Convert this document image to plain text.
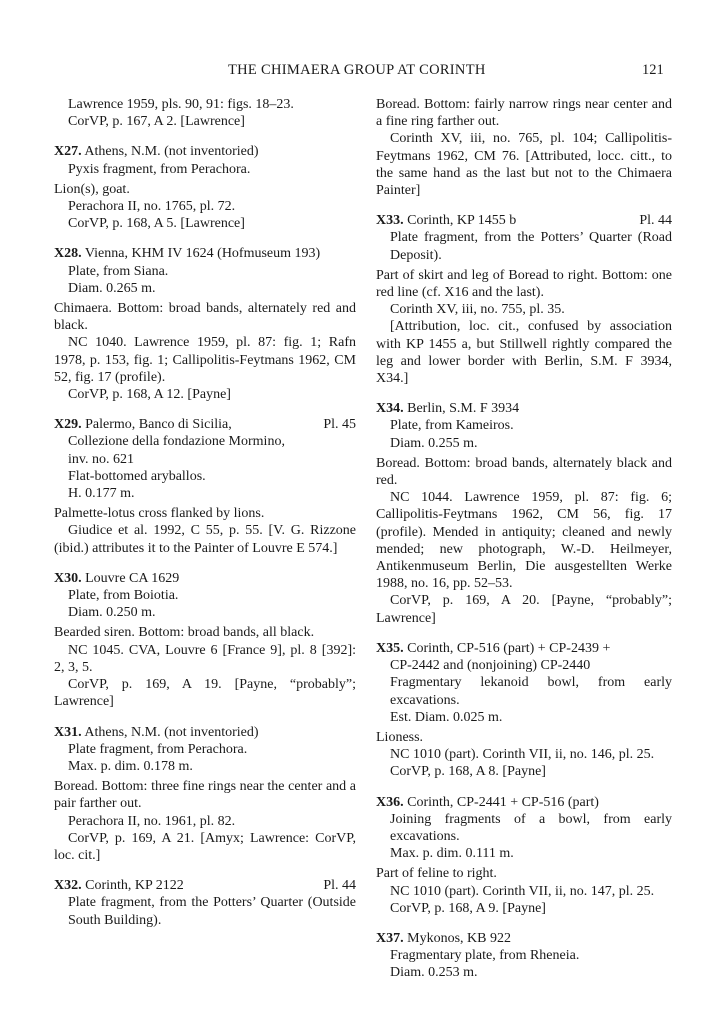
THE CHIMAERA GROUP AT CORINTH	121

Lawrence 1959, pls. 90, 91: figs. 18–23.

CorVP, p. 167, A 2. [Lawrence]

X27. Athens, N.M. (not inventoried)

Pyxis fragment, from Perachora.

Lion(s), goat.

Perachora II, no. 1765, pl. 72.

CorVP, p. 168, A 5. [Lawrence]

X28. Vienna, KHM IV 1624 (Hofmuseum 193)

Plate, from Siana.

Diam. 0.265 m.

Chimaera. Bottom: broad bands, alternately red and black.

NC 1040. Lawrence 1959, pl. 87: fig. 1; Rafn 1978, p. 153, fig. 1; Callipolitis-Feytmans 1962, CM 52, fig. 17 (profile).

CorVP, p. 168, A 12. [Payne]

X29. Palermo, Banco di Sicilia,	Pl. 45

Collezione della fondazione Mormino,

inv. no. 621

Flat-bottomed aryballos.

H. 0.177 m.

Palmette-lotus cross flanked by lions.

Giudice et al. 1992, C 55, p. 55. [V. G. Rizzone (ibid.) attributes it to the Painter of Louvre E 574.]

X30. Louvre CA 1629

Plate, from Boiotia.

Diam. 0.250 m.

Bearded siren. Bottom: broad bands, all black.

NC 1045. CVA, Louvre 6 [France 9], pl. 8 [392]: 2, 3, 5.

CorVP, p. 169, A 19. [Payne, “probably”; Lawrence]

X31. Athens, N.M. (not inventoried)

Plate fragment, from Perachora.

Max. p. dim. 0.178 m.

Boread. Bottom: three fine rings near the center and a pair farther out.

Perachora II, no. 1961, pl. 82.

CorVP, p. 169, A 21. [Amyx; Lawrence: CorVP, loc. cit.]

X32. Corinth, KP 2122	Pl. 44

Plate fragment, from the Potters’ Quarter (Outside South Building).

Boread. Bottom: fairly narrow rings near center and a fine ring farther out.

Corinth XV, iii, no. 765, pl. 104; Callipolitis-Feytmans 1962, CM 76. [Attributed, locc. citt., to the same hand as the last but not to the Chimaera Painter]

X33. Corinth, KP 1455 b	Pl. 44

Plate fragment, from the Potters’ Quarter (Road Deposit).

Part of skirt and leg of Boread to right. Bottom: one red line (cf. X16 and the last).

Corinth XV, iii, no. 755, pl. 35.

[Attribution, loc. cit., confused by association with KP 1455 a, but Stillwell rightly compared the leg and lower border with Berlin, S.M. F 3934, X34.]

X34. Berlin, S.M. F 3934

Plate, from Kameiros.

Diam. 0.255 m.

Boread. Bottom: broad bands, alternately black and red.

NC 1044. Lawrence 1959, pl. 87: fig. 6; Callipolitis-Feytmans 1962, CM 56, fig. 17 (profile). Mended in antiquity; cleaned and newly mended; new photograph, W.-D. Heilmeyer, Antikenmuseum Berlin, Die ausgestellten Werke 1988, no. 16, pp. 52–53.

CorVP, p. 169, A 20. [Payne, “probably”; Lawrence]

X35. Corinth, CP-516 (part) + CP-2439 +

CP-2442 and (nonjoining) CP-2440

Fragmentary lekanoid bowl, from early excavations.

Est. Diam. 0.025 m.

Lioness.

NC 1010 (part). Corinth VII, ii, no. 146, pl. 25.

CorVP, p. 168, A 8. [Payne]

X36. Corinth, CP-2441 + CP-516 (part)

Joining fragments of a bowl, from early excavations.

Max. p. dim. 0.111 m.

Part of feline to right.

NC 1010 (part). Corinth VII, ii, no. 147, pl. 25.

CorVP, p. 168, A 9. [Payne]

X37. Mykonos, KB 922

Fragmentary plate, from Rheneia.

Diam. 0.253 m.
